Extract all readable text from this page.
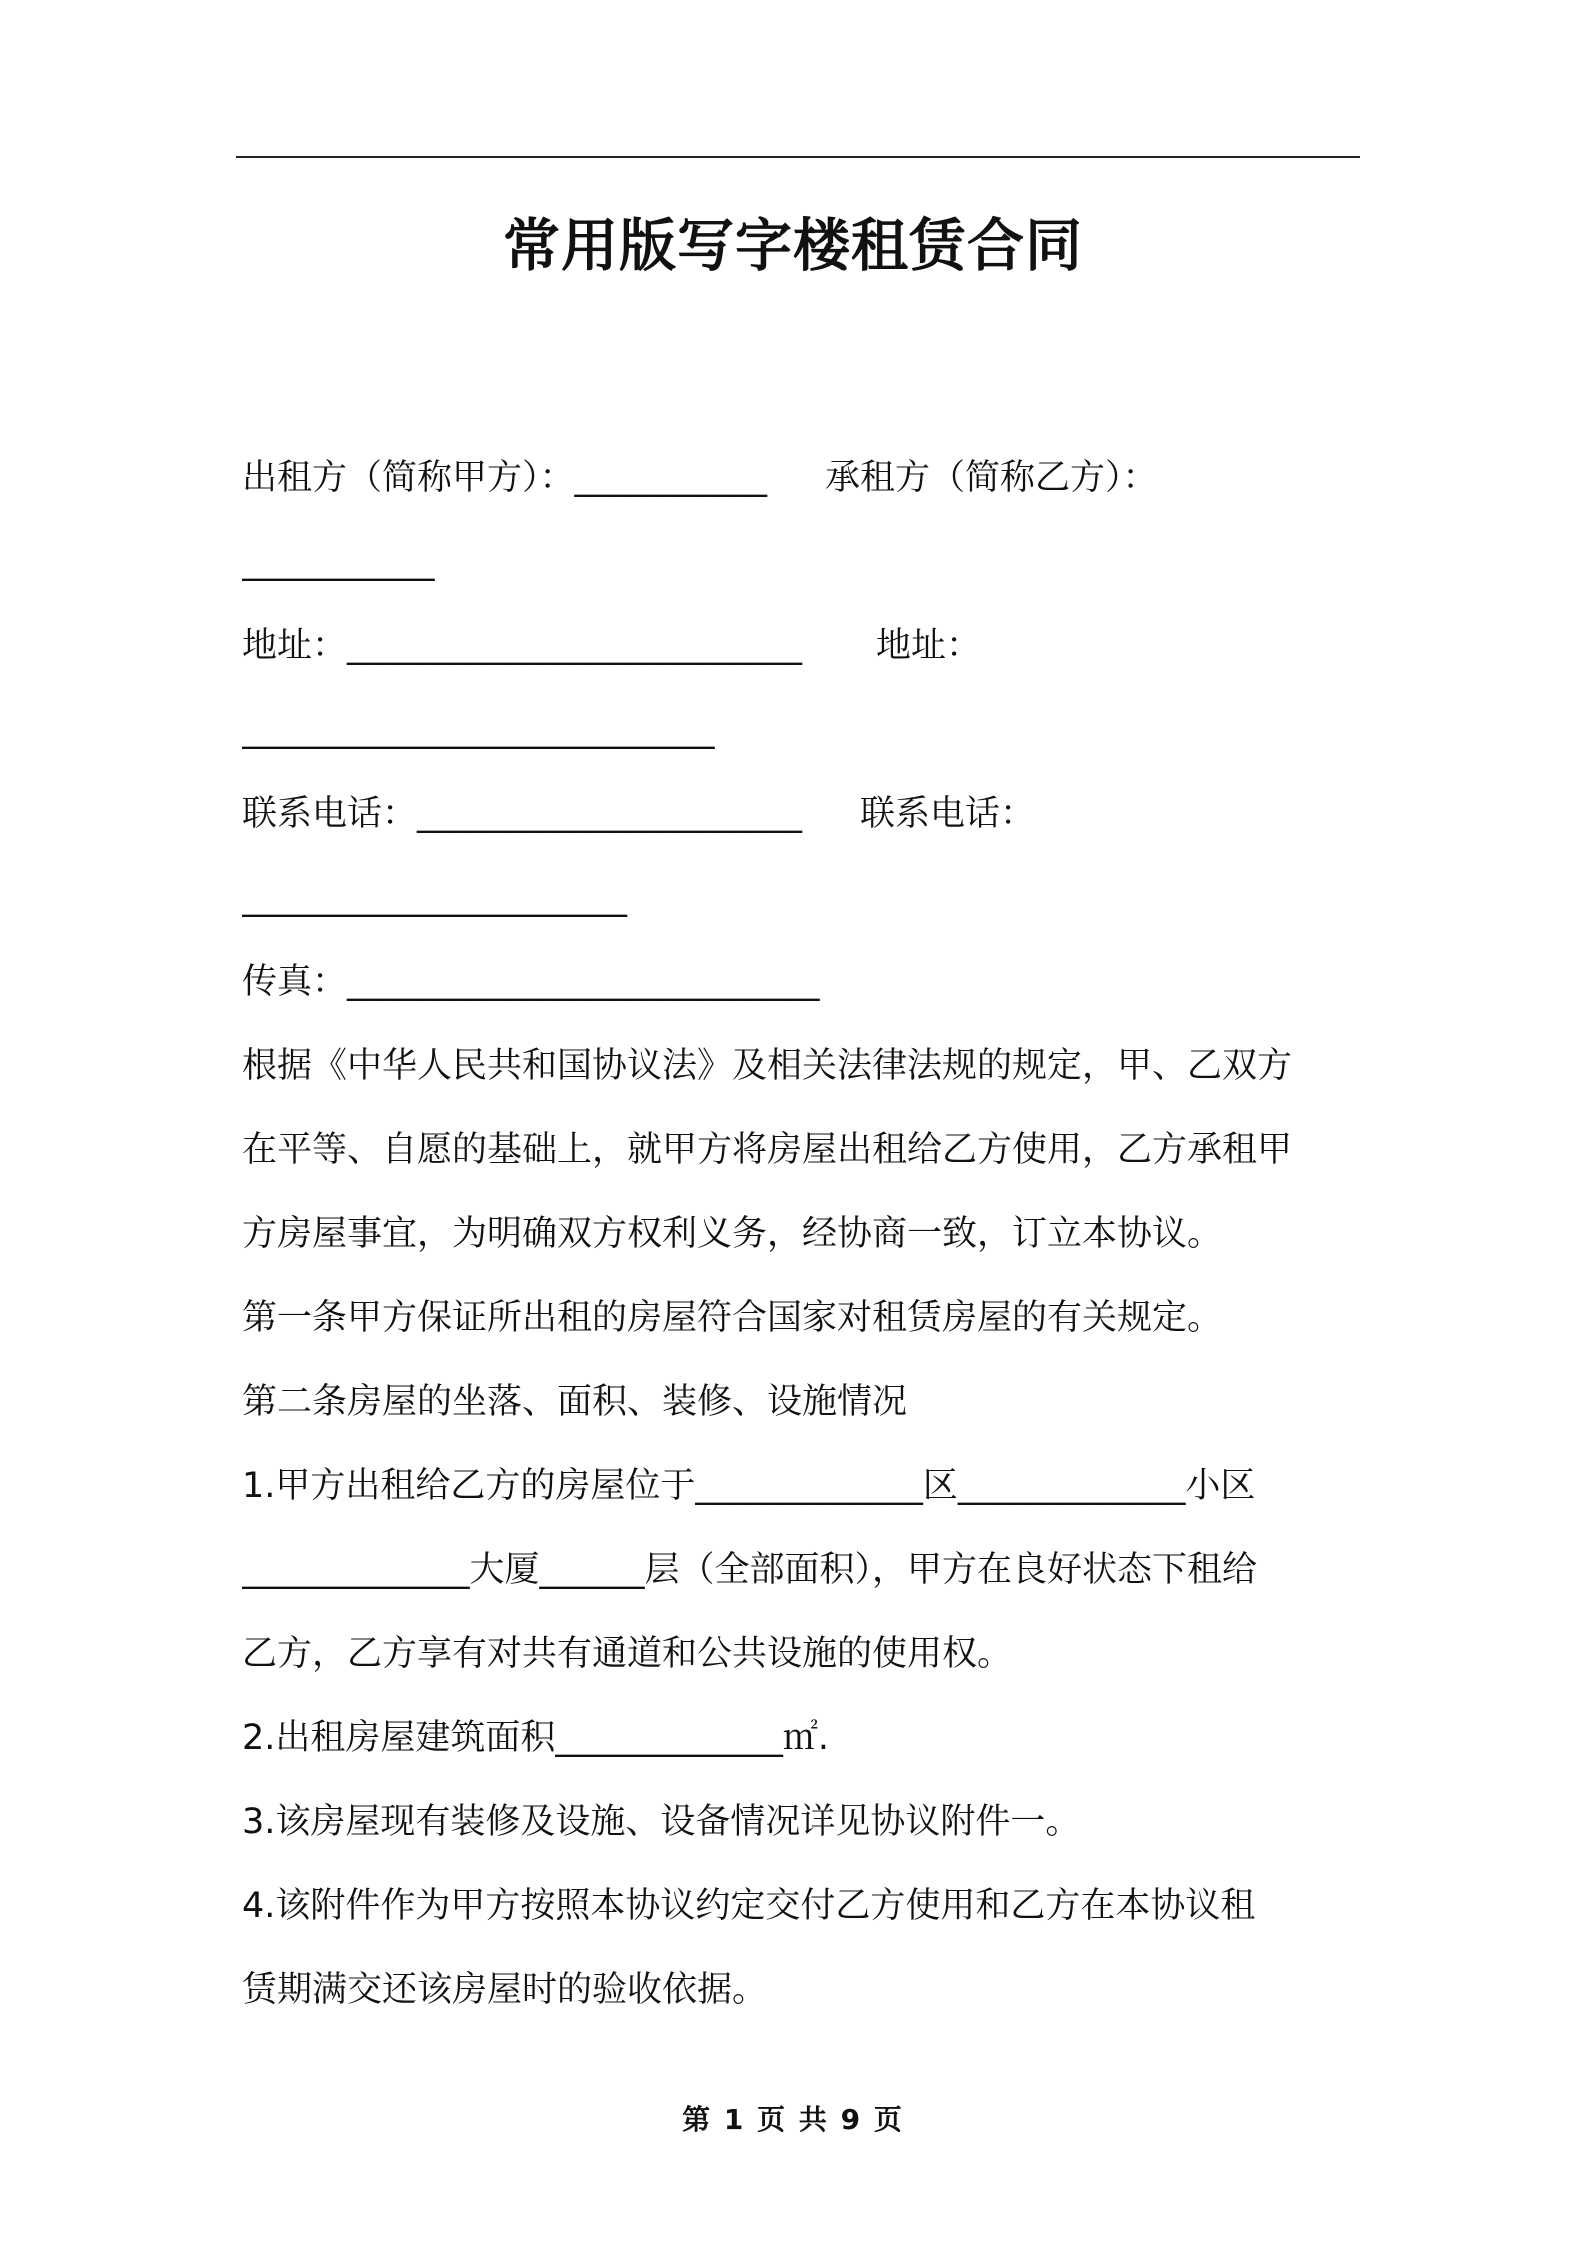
常用版写字楼租赁合同
出租方（简称甲方）：___________ 承租方（简称乙方）：
___________
地址：__________________________ 地址：
___________________________
联系电话：______________________ 联系电话：
______________________
传真：___________________________
根据《中华人民共和国协议法》及相关法律法规的规定，甲、乙双方
在平等、自愿的基础上，就甲方将房屋出租给乙方使用，乙方承租甲
方房屋事宜，为明确双方权利义务，经协商一致，订立本协议。
第一条甲方保证所出租的房屋符合国家对租赁房屋的有关规定。
第二条房屋的坐落、面积、装修、设施情况
1.甲方出租给乙方的房屋位于_____________区_____________小区
_____________大厦______层（全部面积），甲方在良好状态下租给
乙方，乙方享有对共有通道和公共设施的使用权。
2.出租房屋建筑面积_____________㎡.
3.该房屋现有装修及设施、设备情况详见协议附件一。
4.该附件作为甲方按照本协议约定交付乙方使用和乙方在本协议租
赁期满交还该房屋时的验收依据。
第 1 页 共 9 页
